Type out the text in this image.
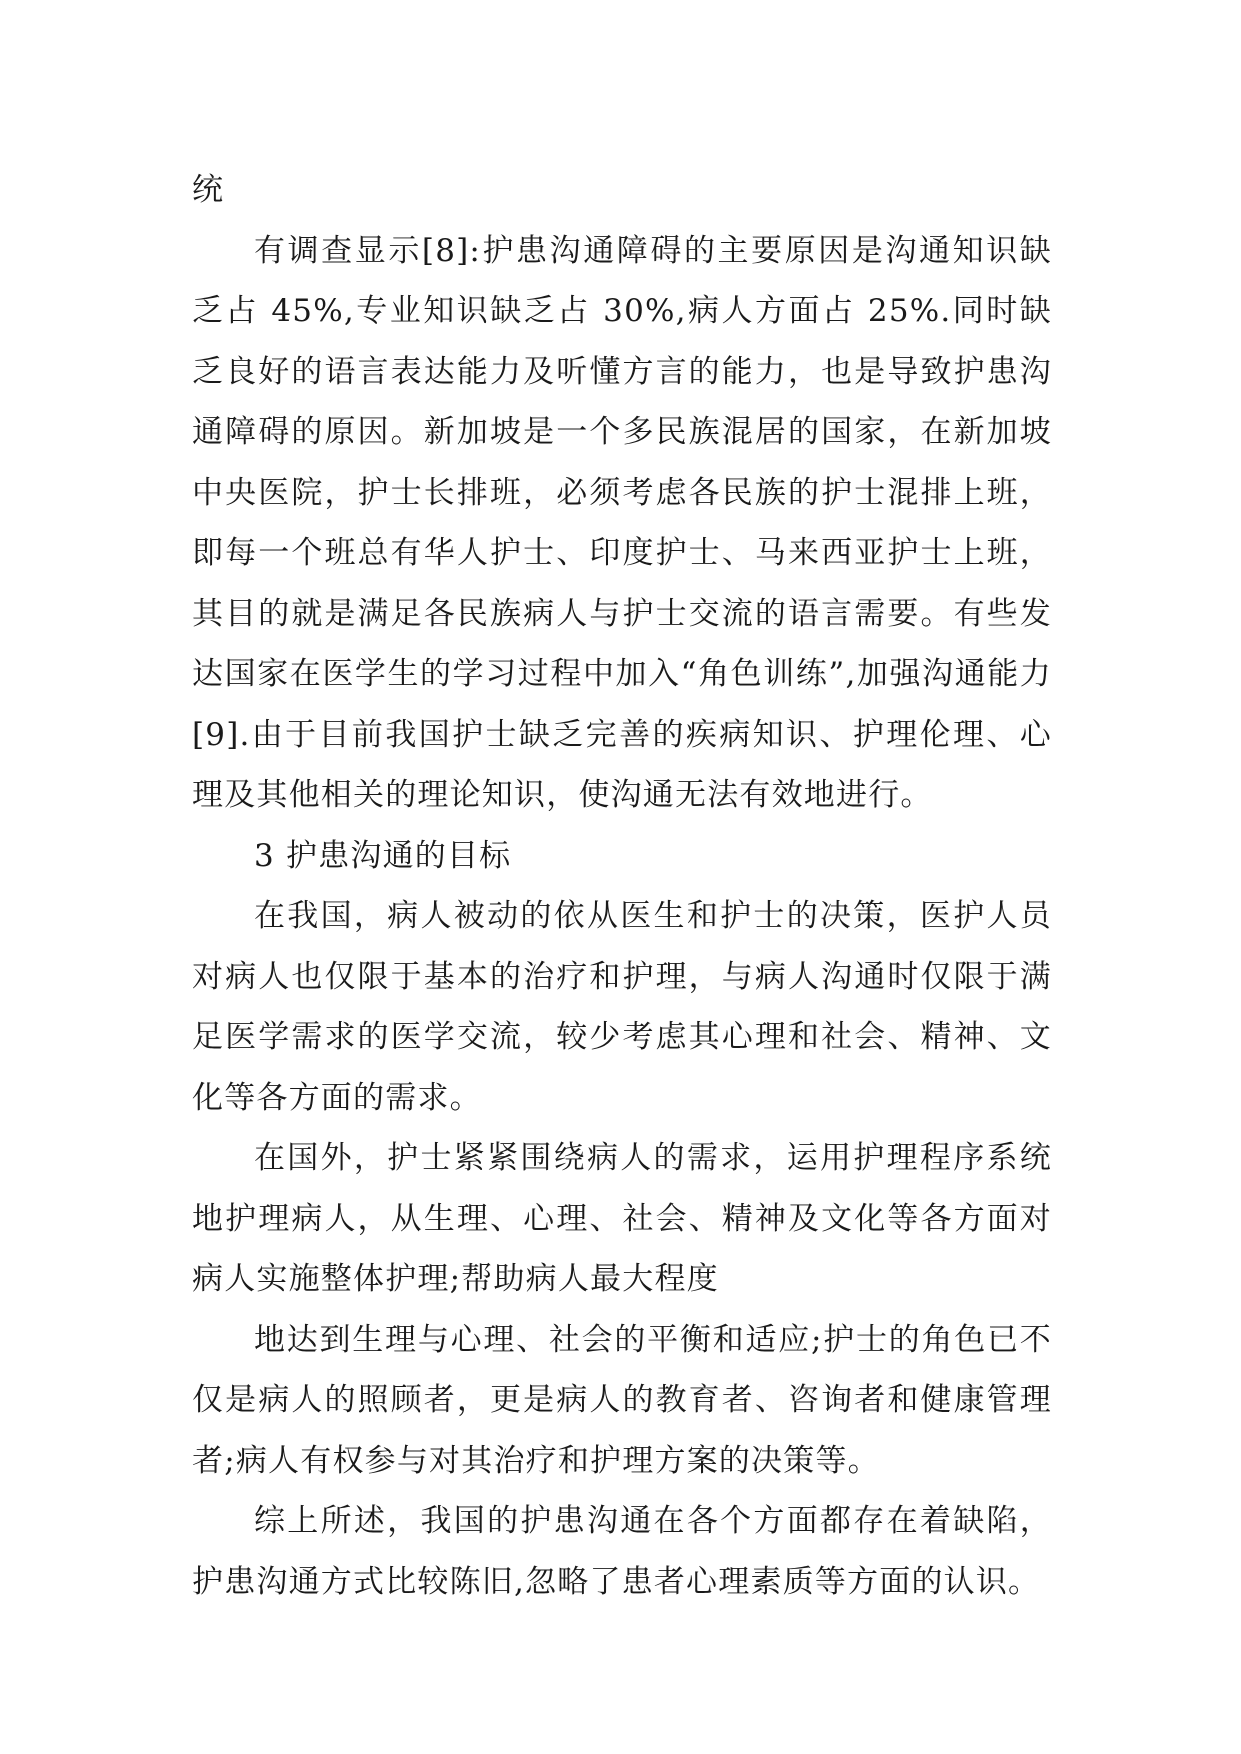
统

有调查显示[8]:护患沟通障碍的主要原因是沟通知识缺乏占 45%,专业知识缺乏占 30%,病人方面占 25%.同时缺乏良好的语言表达能力及听懂方言的能力，也是导致护患沟通障碍的原因。新加坡是一个多民族混居的国家，在新加坡中央医院，护士长排班，必须考虑各民族的护士混排上班，即每一个班总有华人护士、印度护士、马来西亚护士上班，其目的就是满足各民族病人与护士交流的语言需要。有些发达国家在医学生的学习过程中加入“角色训练”,加强沟通能力[9].由于目前我国护士缺乏完善的疾病知识、护理伦理、心理及其他相关的理论知识，使沟通无法有效地进行。

3 护患沟通的目标

在我国，病人被动的依从医生和护士的决策，医护人员对病人也仅限于基本的治疗和护理，与病人沟通时仅限于满足医学需求的医学交流，较少考虑其心理和社会、精神、文化等各方面的需求。

在国外，护士紧紧围绕病人的需求，运用护理程序系统地护理病人，从生理、心理、社会、精神及文化等各方面对病人实施整体护理;帮助病人最大程度

地达到生理与心理、社会的平衡和适应;护士的角色已不仅是病人的照顾者，更是病人的教育者、咨询者和健康管理者;病人有权参与对其治疗和护理方案的决策等。

综上所述，我国的护患沟通在各个方面都存在着缺陷，护患沟通方式比较陈旧,忽略了患者心理素质等方面的认识。
